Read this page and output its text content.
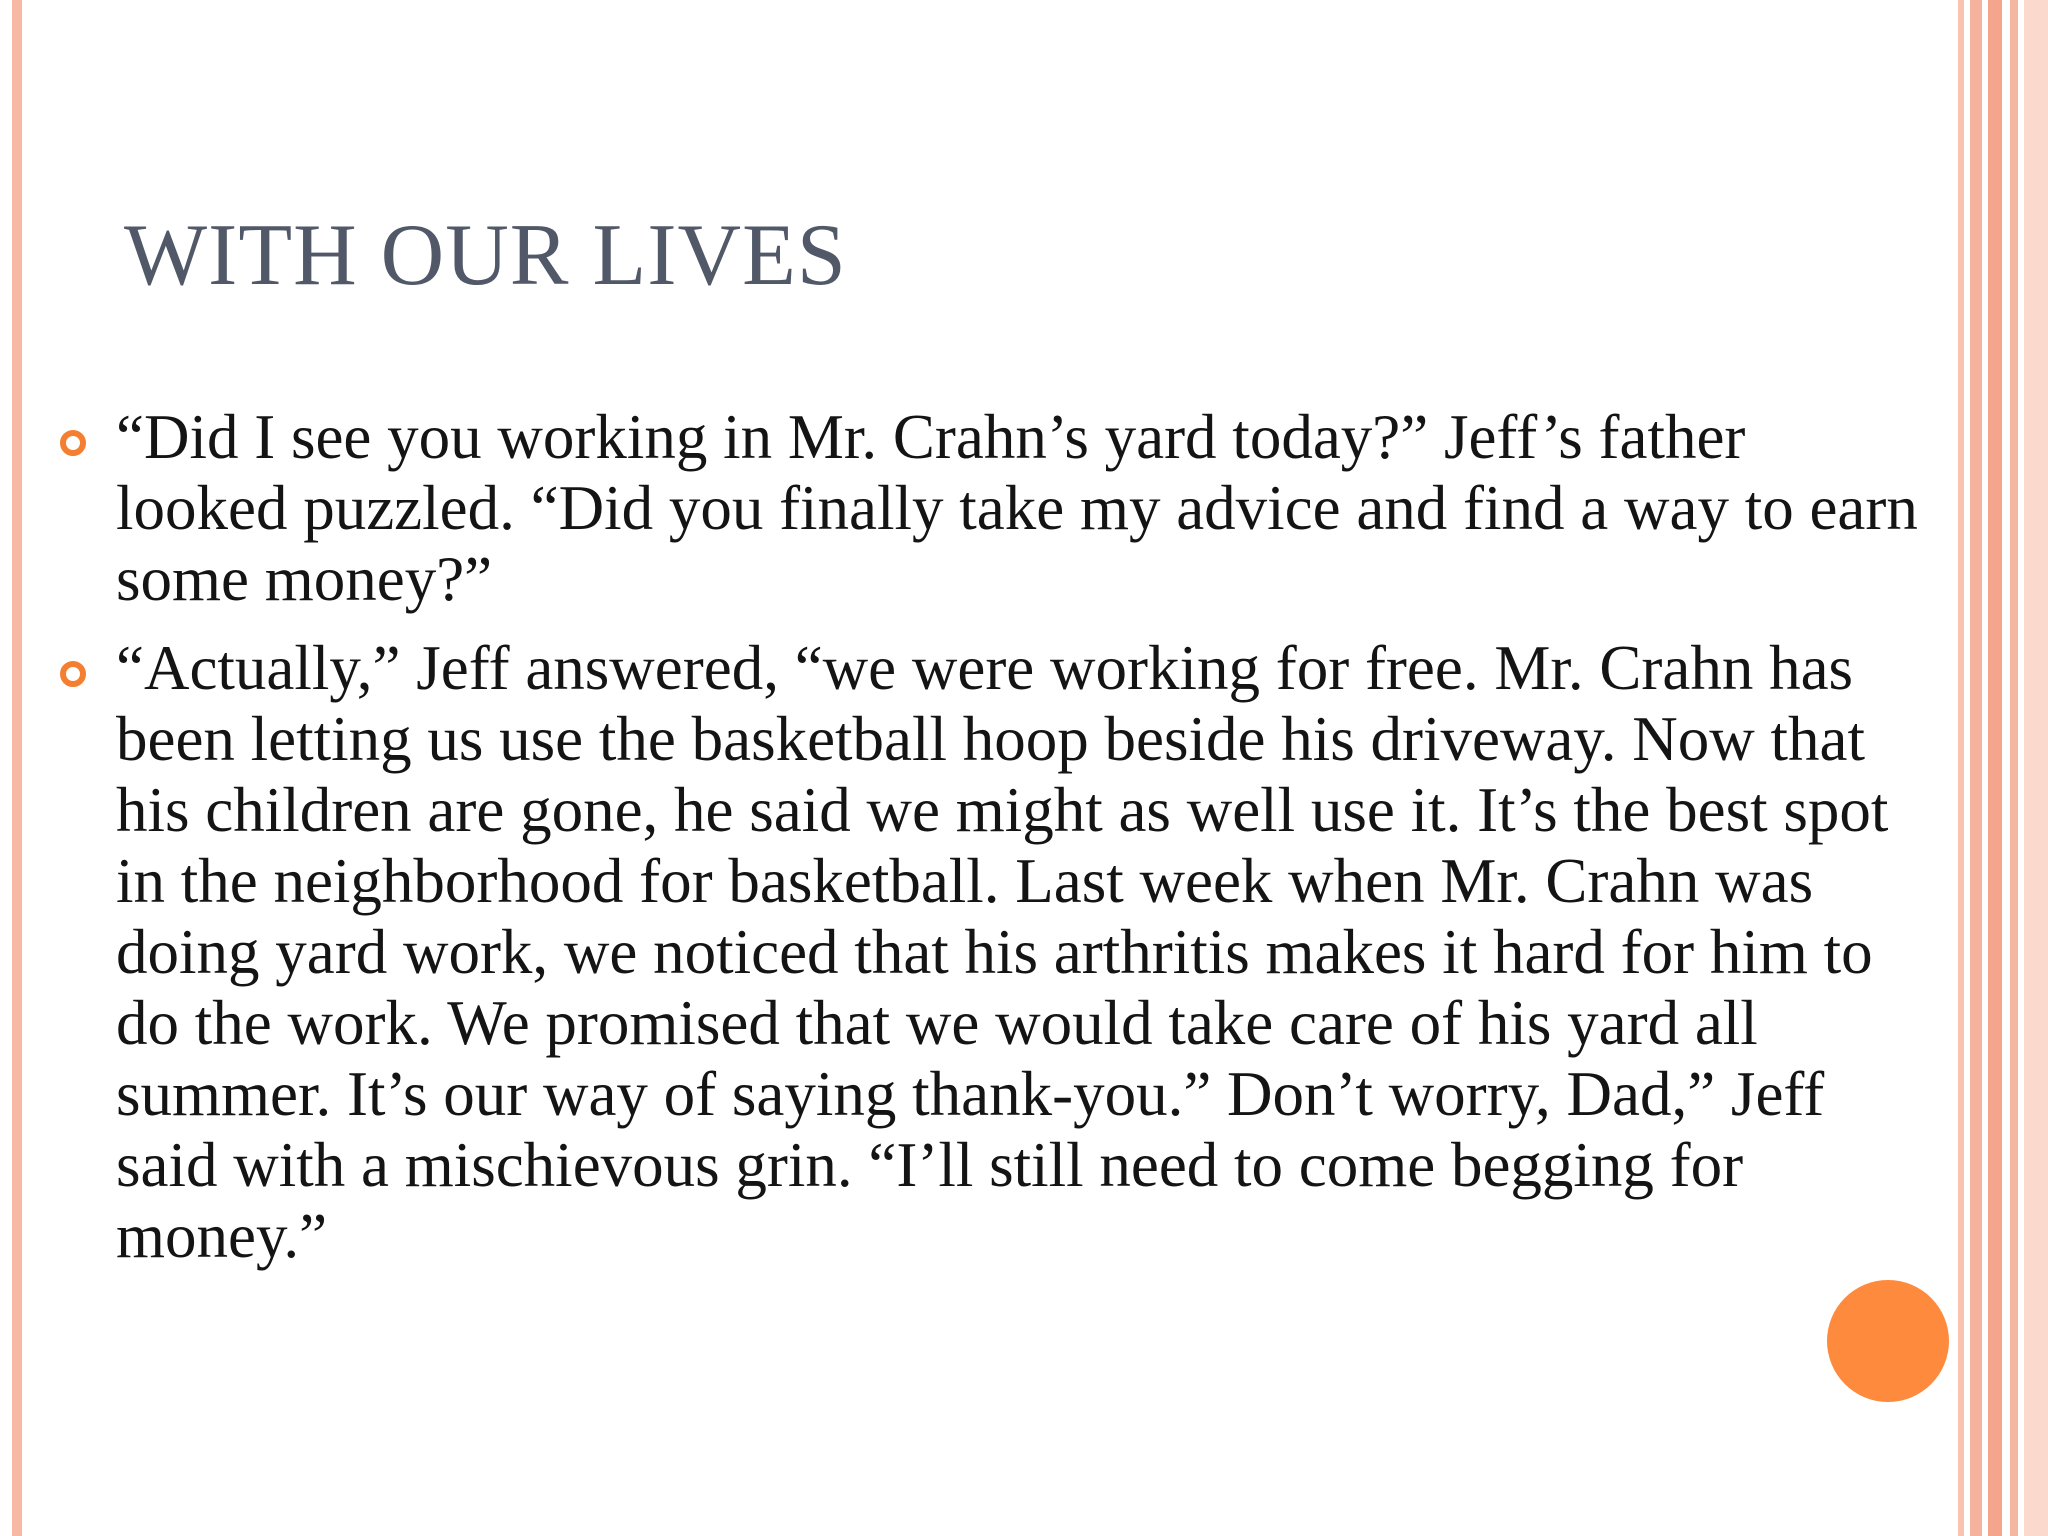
WITH OUR LIVES

“Did I see you working in Mr. Crahn’s yard today?” Jeff’s father looked puzzled. “Did you finally take my advice and find a way to earn some money?”

“Actually,” Jeff answered, “we were working for free. Mr. Crahn has been letting us use the basketball hoop beside his driveway. Now that his children are gone, he said we might as well use it. It’s the best spot in the neighborhood for basketball. Last week when Mr. Crahn was doing yard work, we noticed that his arthritis makes it hard for him to do the work. We promised that we would take care of his yard all summer. It’s our way of saying thank-you.” Don’t worry, Dad,” Jeff said with a mischievous grin. “I’ll still need to come begging for money.”
